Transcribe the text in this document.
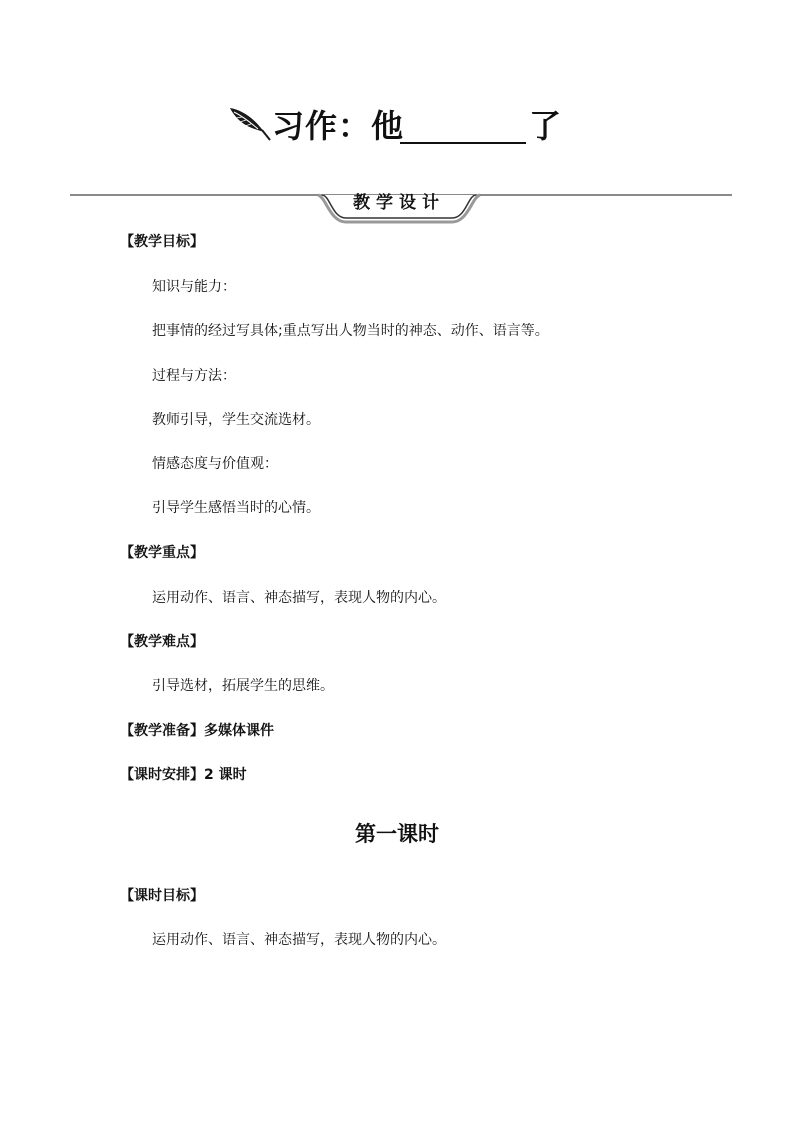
习作：他	了
教学设计
【教学目标】
知识与能力：
把事情的经过写具体;重点写出人物当时的神态、动作、语言等。
过程与方法：
教师引导，学生交流选材。
情感态度与价值观：
引导学生感悟当时的心情。
【教学重点】
运用动作、语言、神态描写，表现人物的内心。
【教学难点】
引导选材，拓展学生的思维。
【教学准备】多媒体课件
【课时安排】2 课时
第一课时
【课时目标】
运用动作、语言、神态描写，表现人物的内心。
